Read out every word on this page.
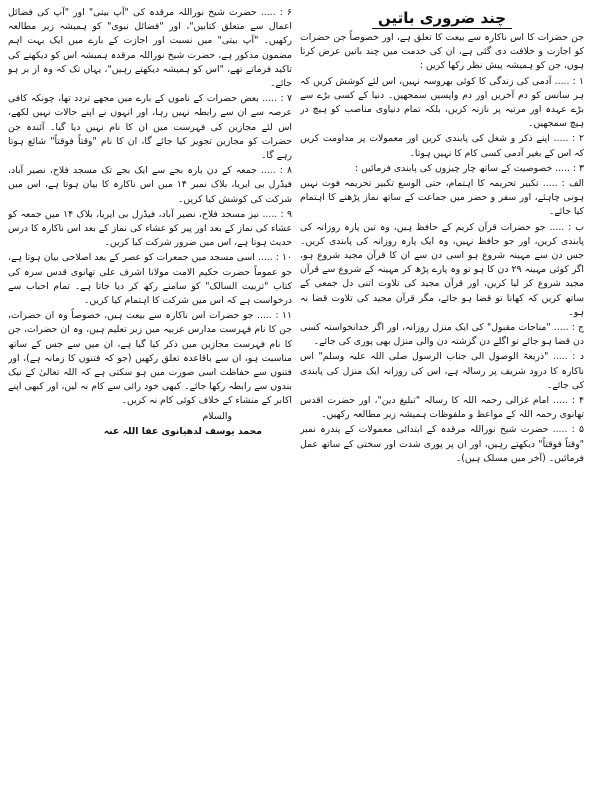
چند ضروری باتیں

جن حضرات کا اس ناکارہ سے بیعت کا تعلق ہے، اور خصوصاً جن حضرات کو اجازت و خلافت دی گئی ہے، ان کی خدمت میں چند باتیں عرض کرتا ہوں، جن کو ہمیشہ پیش نظر رکھا کریں :

۱ : ..... آدمی کی زندگی کا کوئی بھروسہ نہیں، اس لئے کوشش کریں کہ ہر سانس کو دم آخریں اور دم واپسیں سمجھیں۔ دنیا کے کسی بڑے سے بڑے عہدہ اور مرتبہ پر نازنہ کریں، بلکہ تمام دنیاوی مناصب کو ہیچ در ہیچ سمجھیں۔

۲ : ..... اپنے ذکر و شغل کی پابندی کریں اور معمولات پر مداومت کریں کہ اس کے بغیر آدمی کسی کام کا نہیں ہوتا۔

۳ : ..... خصوصیت کے ساتھ چار چیزوں کی پابندی فرمائیں :

الف : ..... تکبیر تحریمہ کا اہتمام، حتی الوسع تکبیر تحریمہ فوت نہیں ہونی چاہئے، اور سفر و حضر میں جماعت کے ساتھ نماز پڑھنے کا اہتمام کیا جائے۔

ب : ..... جو حضرات قرآن کریم کے حافظ ہیں، وہ تین پارہ روزانہ کی پابندی کریں، اور جو حافظ نہیں، وہ ایک پارہ روزانہ کی پابندی کریں۔ جس دن سے مہینہ شروع ہو اسی دن سے ان کا قرآن مجید شروع ہو، اگر کوئی مہینہ ۲۹ دن کا ہو تو وہ پارے پڑھ کر مہینہ کے شروع سے قرآن مجید شروع کر لیا کریں، اور قرآن مجید کی تلاوت اتنی دل جمعی کے ساتھ کریں کہ کھانا تو قضا ہو جائے، مگر قرآن مجید کی تلاوت قضا نہ ہو۔

ج : ..... "مناجات مقبول" کی ایک منزل روزانہ، اور اگر خدانخواستہ کسی دن قضا ہو جائے تو اگلے دن گزشتہ دن والی منزل بھی پوری کی جائے۔

د : ..... "ذریعۃ الوصول الی جناب الرسول صلی اللہ علیہ وسلم" اس ناکارہ کا درود شریف پر رسالہ ہے، اس کی روزانہ ایک منزل کی پابندی کی جائے۔

۴ : ..... امام غزالی رحمہ اللہ کا رسالہ "تبلیغ دین"، اور حضرت اقدس تھانوی رحمہ اللہ کے مواعظ و ملفوظات ہمیشہ زیر مطالعہ رکھیں۔

۵ : ..... حضرت شیخ نوراللہ مرقدہ کے ابتدائی معمولات کے پندرہ نمبر "وقتاً فوقتاً" دیکھتے رہیں، اور ان پر پوری شدت اور سختی کے ساتھ عمل فرمائیں۔ (آخر میں مسلک ہیں)۔

۶ : ..... حضرت شیخ نوراللہ مرقدہ کی "آپ بیتی" اور "آپ کی فضائل اعمال سے متعلق کتابیں"، اور "فضائل نبوی" کو ہمیشہ زیر مطالعہ رکھیں۔ "آپ بیتی" میں نسبت اور اجازت کے بارے میں ایک بہت اہم مضمون مذکور ہے، حضرت شیخ نوراللہ مرقدہ ہمیشہ اس کو دیکھنے کی تاکید فرماتے تھے، "اس کو ہمیشہ دیکھتے رہیں"، یہاں تک کہ وہ از بر ہو جائے۔

۷ : ..... بعض حضرات کے ناموں کے بارے میں مجھے تردد تھا، چونکہ کافی عرصہ سے ان سے رابطہ نہیں رہا، اور انہوں نے اپنے حالات نہیں لکھے، اس لئے مجازین کی فہرست میں ان کا نام نہیں دیا گیا۔ آئندہ جن حضرات کو مجازین تجویز کیا جائے گا، ان کا نام "وقتاً فوقتاً" شائع ہوتا رہے گا۔

۸ : ..... جمعہ کے دن بارہ بجے سے ایک بجے تک مسجد فلاح، نصیر آباد، فیڈرل بی ایریا، بلاک نمبر ۱۴ میں اس ناکارہ کا بیان ہوتا ہے، اس میں شرکت کی کوشش کیا کریں۔

۹ : ..... نیز مسجد فلاح، نصیر آباد، فیڈرل بی ایریا، بلاک ۱۴ میں جمعہ کو عشاء کی نماز کے بعد اور پیر کو عشاء کی نماز کے بعد اس ناکارہ کا درس حدیث ہوتا ہے، اس میں ضرور شرکت کیا کریں۔

۱۰ : ..... اسی مسجد میں جمعرات کو عصر کے بعد اصلاحی بیان ہوتا ہے، جو عموماً حضرت حکیم الامت مولانا اشرف علی تھانوی قدس سرہ کی کتاب "تربیت السالک" کو سامنے رکھ کر دیا جاتا ہے۔ تمام احباب سے درخواست ہے کہ اس میں شرکت کا اہتمام کیا کریں۔

۱۱ : ..... جو حضرات اس ناکارہ سے بیعت ہیں، خصوصاً وہ ان حضرات، جن کا نام فہرست مدارس عربیہ میں زیر تعلیم ہیں، وہ ان حضرات، جن کا نام فہرست مجازین میں ذکر کیا گیا ہے، ان میں سے جس کے ساتھ مناسبت ہو، ان سے باقاعدہ تعلق رکھیں (جو کہ فتنوں کا زمانہ ہے)، اور فتنوں سے حفاظت اسی صورت میں ہو سکتی ہے کہ اللہ تعالیٰ کے نیک بندوں سے رابطہ رکھا جائے۔ کبھی خود رائی سے کام نہ لیں، اور کبھی اپنے اکابر کے منشاء کے خلاف کوئی کام نہ کریں۔

والسلام

محمد یوسف لدھیانوی عفا اللہ عنہ
